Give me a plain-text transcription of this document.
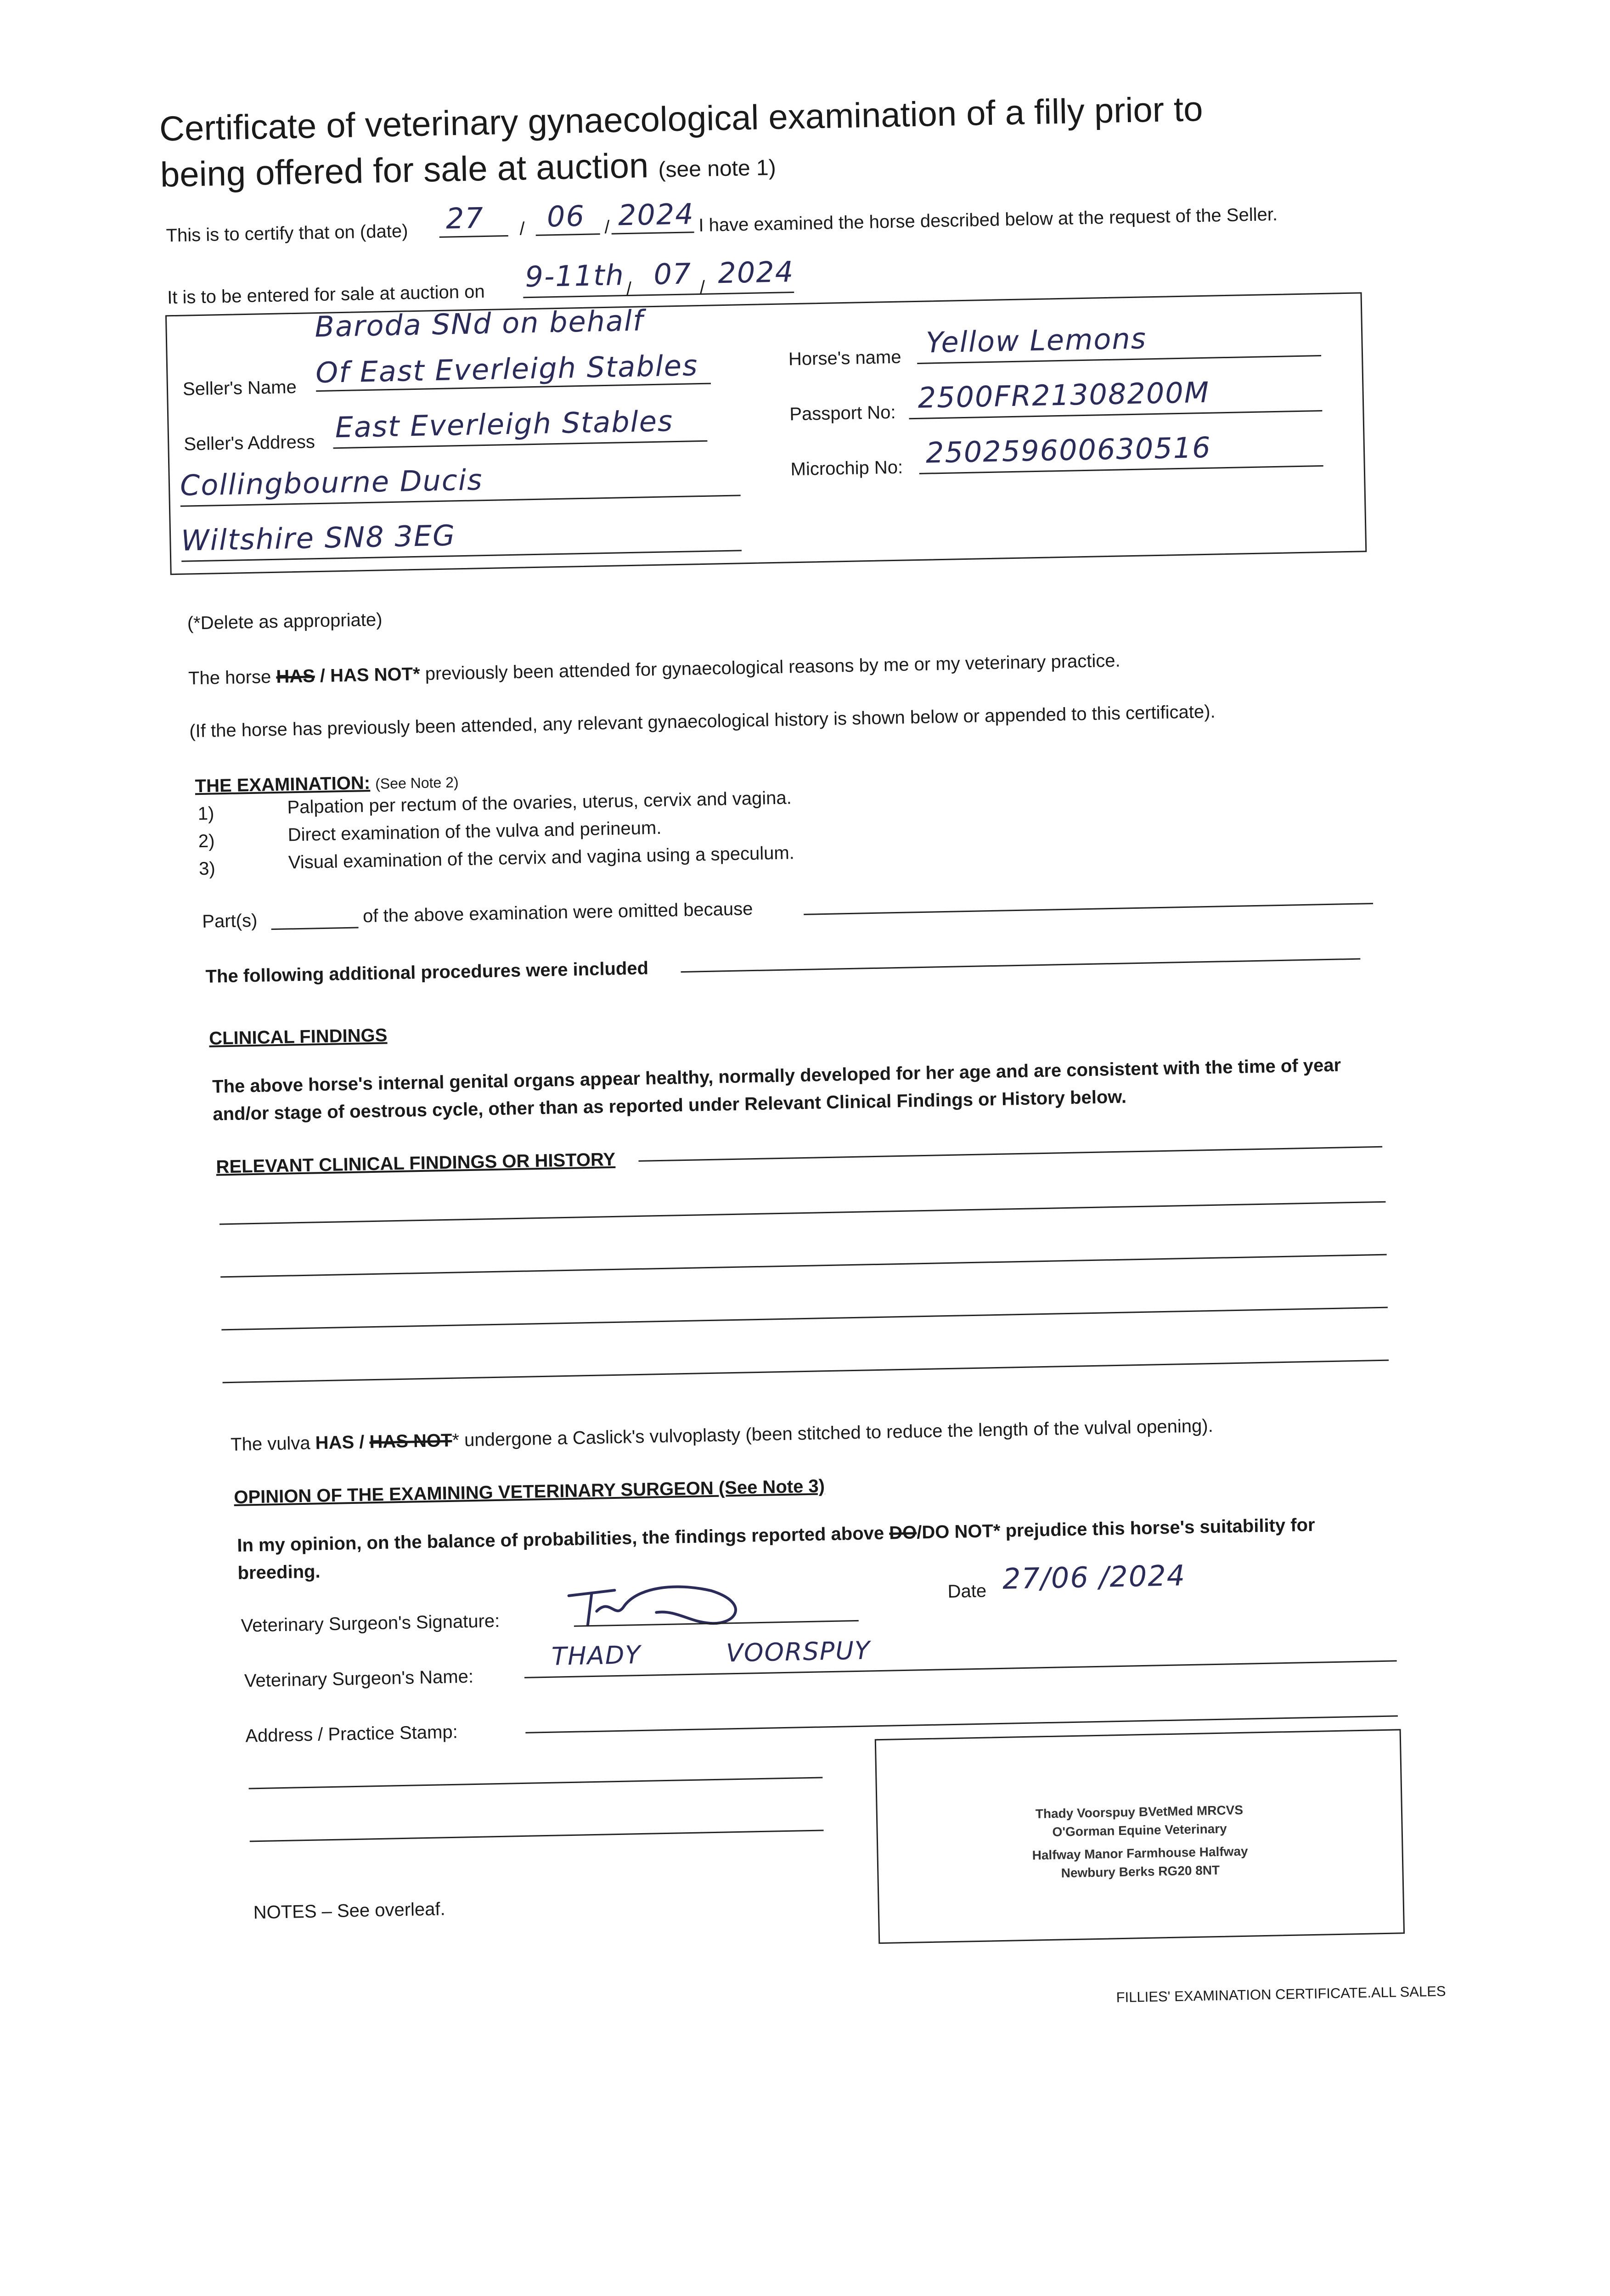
Certificate of veterinary gynaecological examination of a filly prior to
being offered for sale at auction (see note 1)
This is to certify that on (date) 27 / 06 / 2024 I have examined the horse described below at the request of the Seller.
It is to be entered for sale at auction on
9-11th / 07 / 2024
Baroda SNd on behalf
Seller's Name Of East Everleigh Stables
Seller's Address East Everleigh Stables
Collingbourne Ducis
Wiltshire SN8 3EG
Horse's name Yellow Lemons
Passport No: 2500FR21308200M
Microchip No: 250259600630516
(*Delete as appropriate)
The horse HAS / HAS NOT* previously been attended for gynaecological reasons by me or my veterinary practice.
(If the horse has previously been attended, any relevant gynaecological history is shown below or appended to this certificate).
THE EXAMINATION: (See Note 2)
1)	Palpation per rectum of the ovaries, uterus, cervix and vagina.
2)	Direct examination of the vulva and perineum.
3)	Visual examination of the cervix and vagina using a speculum.
Part(s)	of the above examination were omitted because
The following additional procedures were included
CLINICAL FINDINGS
The above horse's internal genital organs appear healthy, normally developed for her age and are consistent with the time of year
and/or stage of oestrous cycle, other than as reported under Relevant Clinical Findings or History below.
RELEVANT CLINICAL FINDINGS OR HISTORY
The vulva HAS / HAS NOT* undergone a Caslick's vulvoplasty (been stitched to reduce the length of the vulval opening).
OPINION OF THE EXAMINING VETERINARY SURGEON (See Note 3)
In my opinion, on the balance of probabilities, the findings reported above DO/DO NOT* prejudice this horse's suitability for
breeding.
Veterinary Surgeon's Signature:
Date 27/06 /2024
Veterinary Surgeon's Name:
THADY	VOORSPUY
Address / Practice Stamp:
Thady Voorspuy BVetMed MRCVS
O'Gorman Equine Veterinary
Halfway Manor Farmhouse Halfway
Newbury Berks RG20 8NT
NOTES – See overleaf.
FILLIES' EXAMINATION CERTIFICATE.ALL SALES
